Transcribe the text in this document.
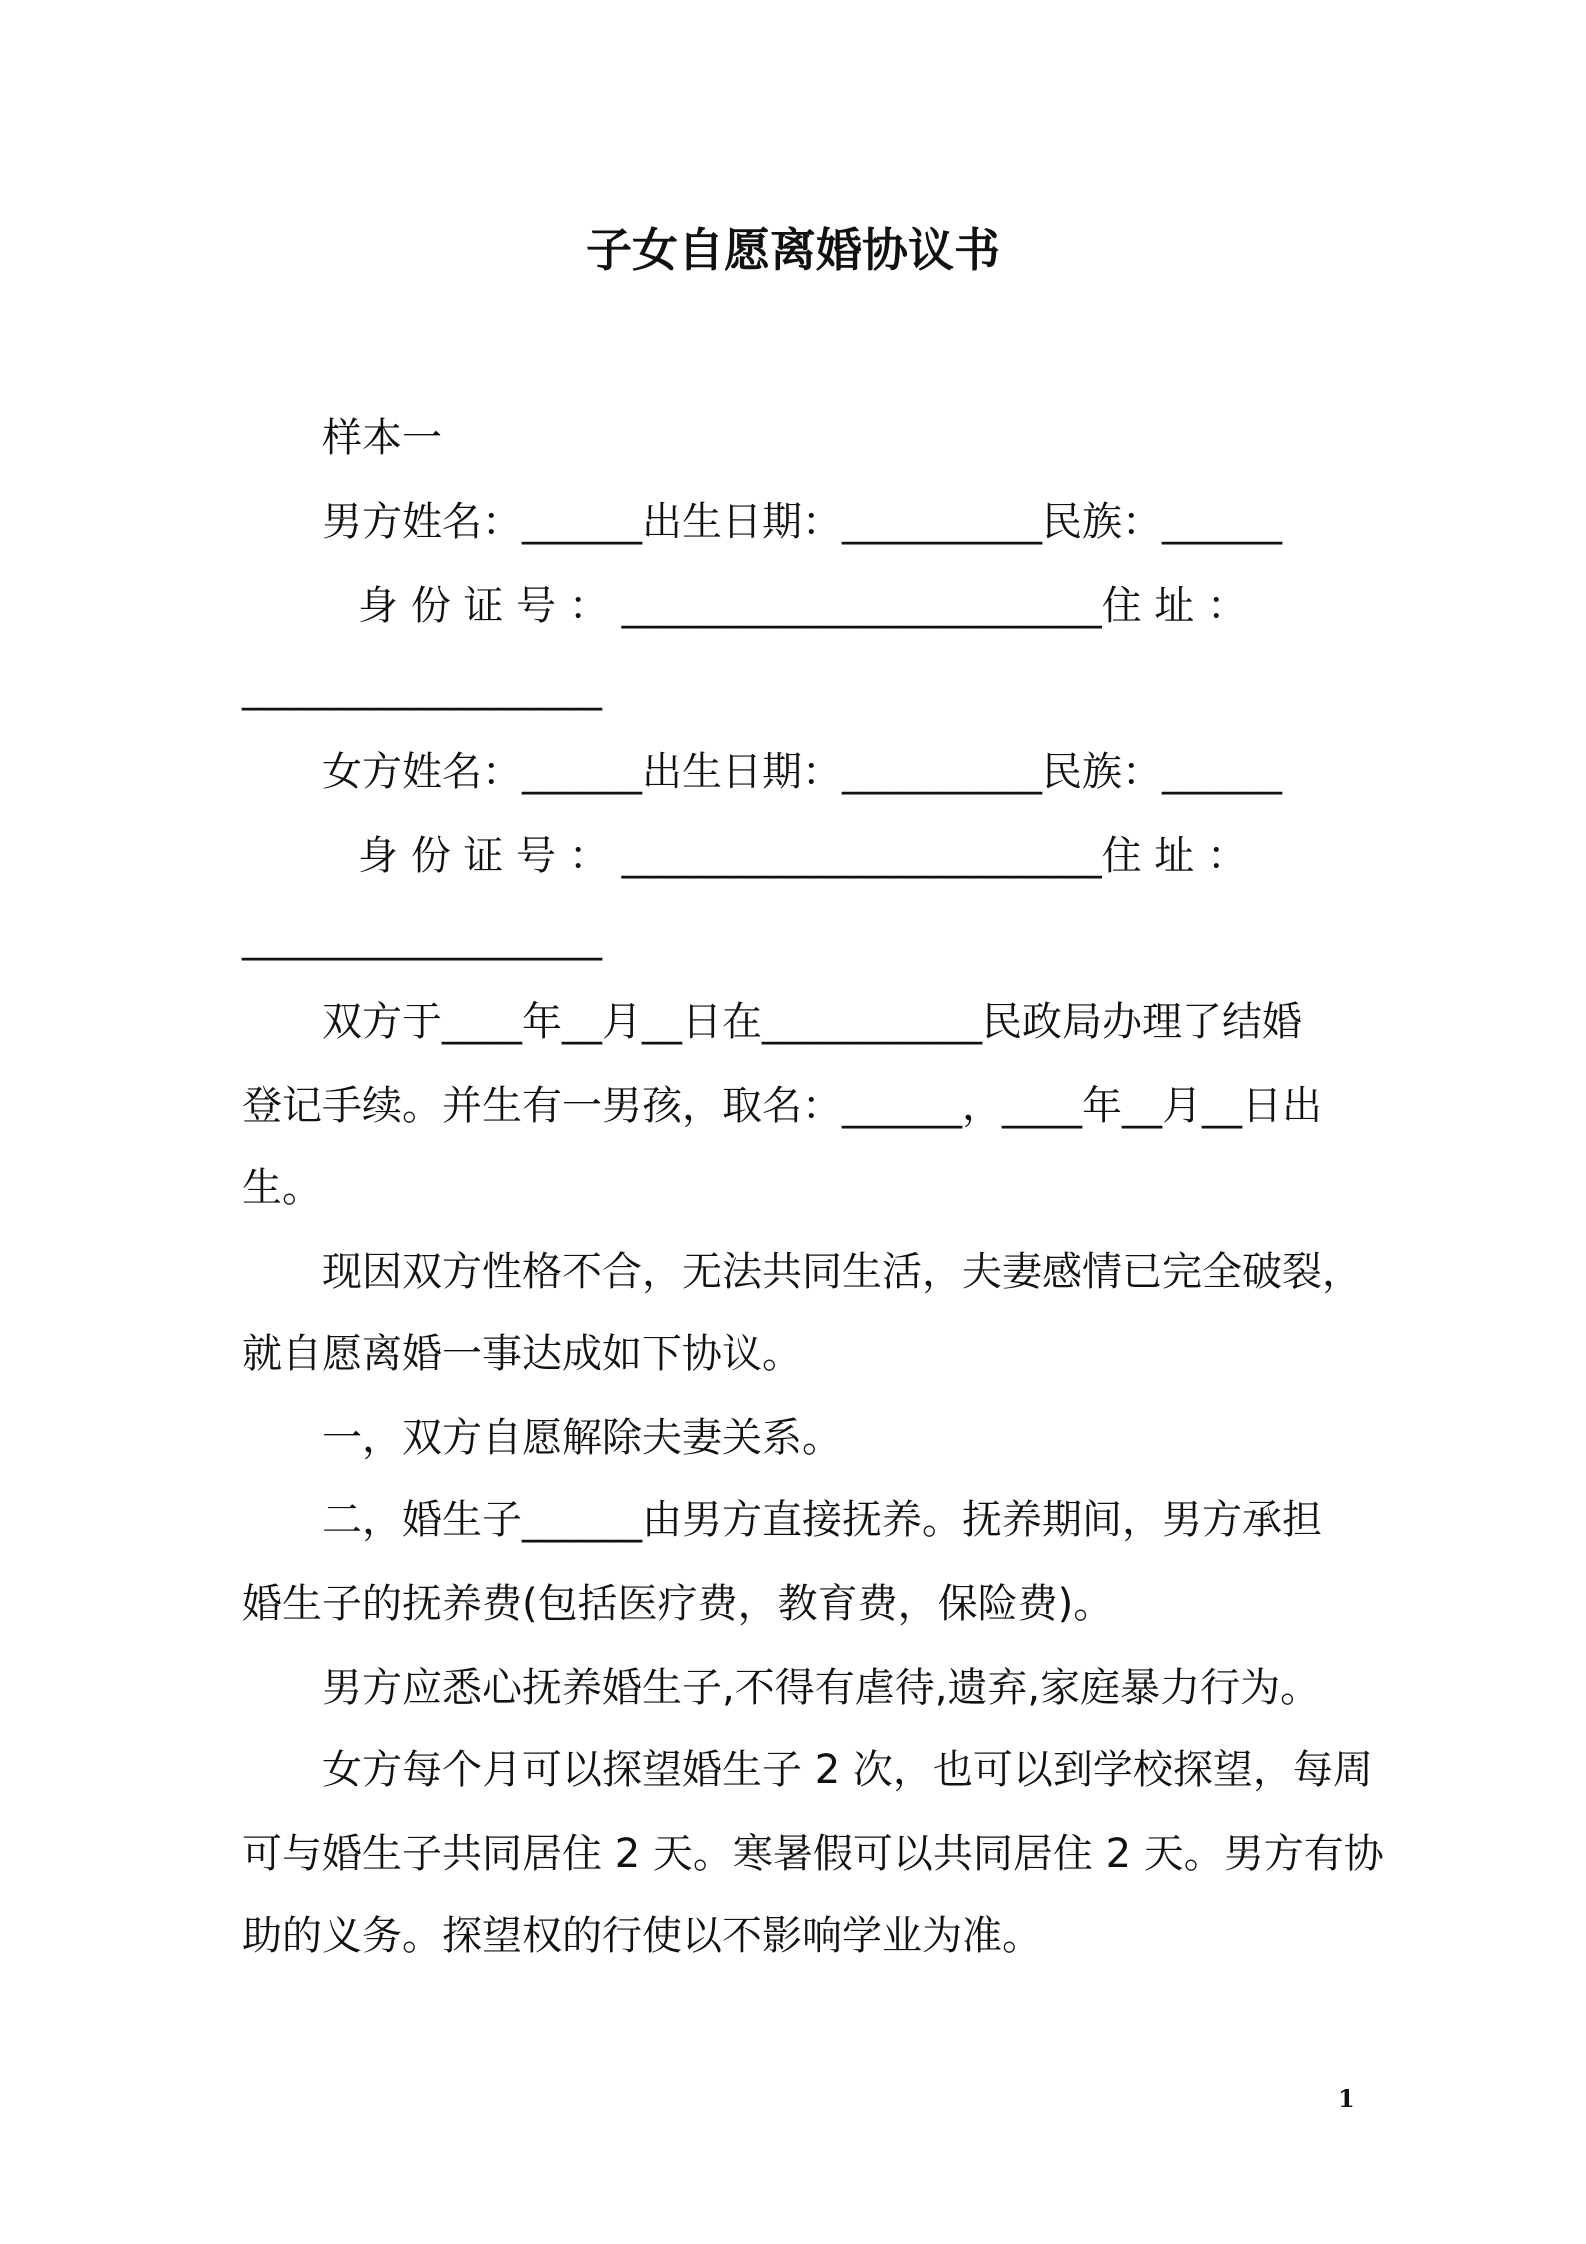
子女自愿离婚协议书
样本一
男方姓名：______出生日期：__________民族：______
身 份 证 号 ： ________________________住 址 ：
__________________
女方姓名：______出生日期：__________民族：______
身 份 证 号 ： ________________________住 址 ：
__________________
双方于____年__月__日在___________民政局办理了结婚
登记手续。并生有一男孩，取名：______，____年__月__日出
生。
现因双方性格不合，无法共同生活，夫妻感情已完全破裂，
就自愿离婚一事达成如下协议。
一，双方自愿解除夫妻关系。
二，婚生子______由男方直接抚养。抚养期间，男方承担
婚生子的抚养费(包括医疗费，教育费，保险费)。
男方应悉心抚养婚生子,不得有虐待,遗弃,家庭暴力行为。
女方每个月可以探望婚生子 2 次，也可以到学校探望，每周
可与婚生子共同居住 2 天。寒暑假可以共同居住 2 天。男方有协
助的义务。探望权的行使以不影响学业为准。
1
